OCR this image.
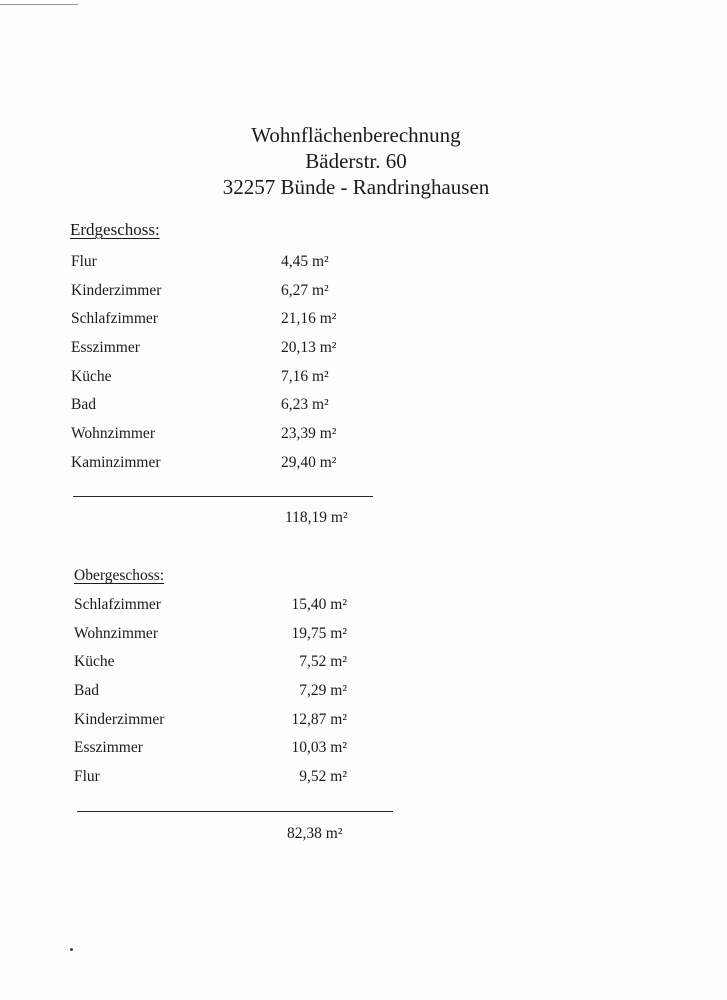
Wohnflächenberechnung
Bäderstr. 60
32257 Bünde - Randringhausen
Erdgeschoss:
Flur	4,45 m²
Kinderzimmer	6,27 m²
Schlafzimmer	21,16 m²
Esszimmer	20,13 m²
Küche	7,16 m²
Bad	6,23 m²
Wohnzimmer	23,39 m²
Kaminzimmer	29,40 m²
118,19 m²
Obergeschoss:
Schlafzimmer	15,40 m²
Wohnzimmer	19,75 m²
Küche	7,52 m²
Bad	7,29 m²
Kinderzimmer	12,87 m²
Esszimmer	10,03 m²
Flur	9,52 m²
82,38 m²
